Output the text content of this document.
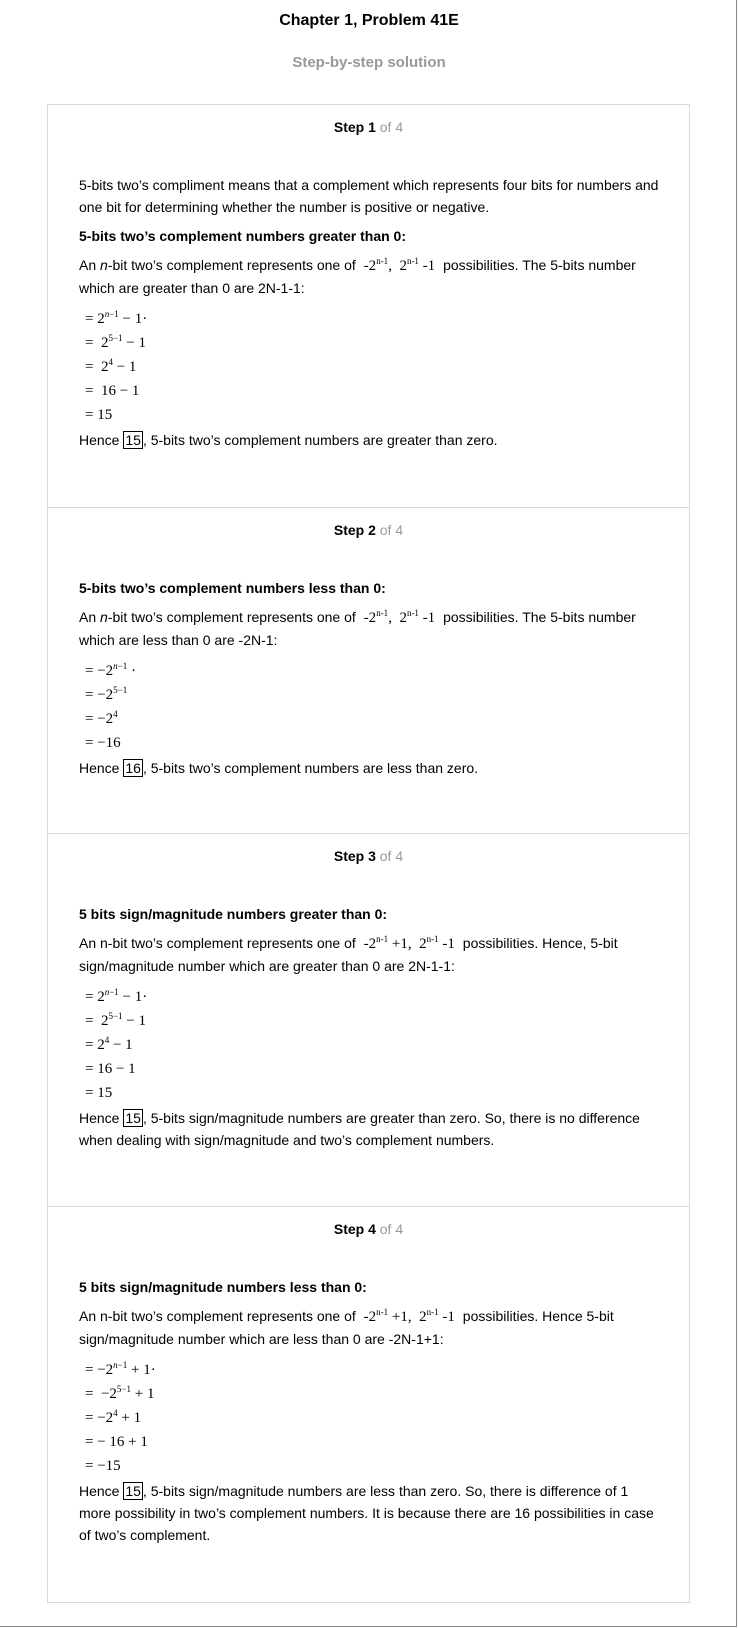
Chapter 1, Problem 41E
Step-by-step solution
Step 1 of 4

5-bits two’s compliment means that a complement which represents four bits for numbers and one bit for determining whether the number is positive or negative.

5-bits two’s complement numbers greater than 0:

An n-bit two’s complement represents one of -2$^{n-1}$,  2$^{n-1}$ -1 possibilities. The 5-bits number which are greater than 0 are 2N-1-1:

= $2^{n-1} - 1\cdot$
=  $2^{5-1} - 1$
=  $2^4 - 1$
=  16 − 1
= 15

Hence 15 , 5-bits two’s complement numbers are greater than zero.

Step 2 of 4

5-bits two’s complement numbers less than 0:

An n-bit two’s complement represents one of -2$^{n-1}$,  2$^{n-1}$ -1 possibilities. The 5-bits number which are less than 0 are -2N-1:

= $-2^{n-1}$ ·
= $-2^{5-1}$
= $-2^4$
= −16

Hence 16 , 5-bits two’s complement numbers are less than zero.

Step 3 of 4

5 bits sign/magnitude numbers greater than 0:

An n-bit two’s complement represents one of $-2^{n-1} +1$,  2$^{n-1}$ -1 possibilities. Hence, 5-bit sign/magnitude number which are greater than 0 are 2N-1-1:

= $2^{n-1} - 1\cdot$
=  $2^{5-1} - 1$
= $2^4 - 1$
= 16 − 1
= 15

Hence 15 , 5-bits sign/magnitude numbers are greater than zero. So, there is no difference when dealing with sign/magnitude and two’s complement numbers.

Step 4 of 4

5 bits sign/magnitude numbers less than 0:

An n-bit two’s complement represents one of $-2^{n-1} +1$,  2$^{n-1}$ -1 possibilities. Hence 5-bit sign/magnitude number which are less than 0 are -2N-1+1:

= $-2^{n-1} + 1\cdot$
=  $-2^{5-1} + 1$
= $-2^4 + 1$
= − 16 + 1
= −15

Hence 15 , 5-bits sign/magnitude numbers are less than zero. So, there is difference of 1 more possibility in two’s complement numbers. It is because there are 16 possibilities in case of two’s complement.
